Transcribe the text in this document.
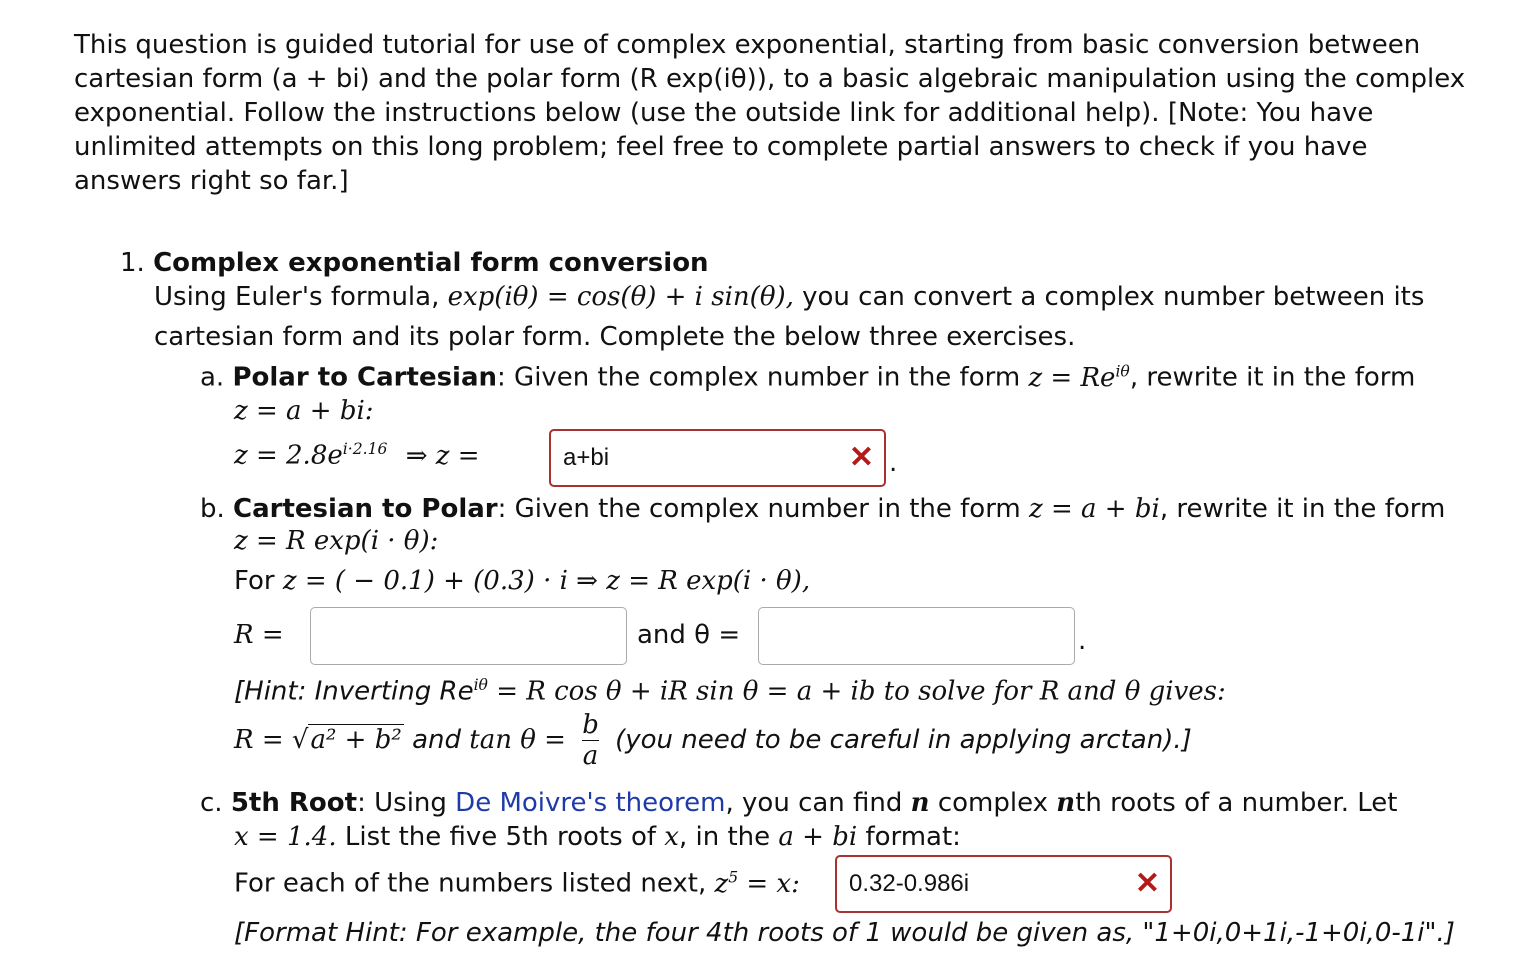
This question is guided tutorial for use of complex exponential, starting from basic conversion between cartesian form (a + bi) and the polar form (R exp(iθ)), to a basic algebraic manipulation using the complex exponential. Follow the instructions below (use the outside link for additional help). [Note: You have unlimited attempts on this long problem; feel free to complete partial answers to check if you have answers right so far.]
1. Complex exponential form conversion
Using Euler's formula, exp(iθ) = cos(θ) + i sin(θ), you can convert a complex number between its
cartesian form and its polar form. Complete the below three exercises.
a. Polar to Cartesian: Given the complex number in the form $z = Re^{i\theta}$, rewrite it in the form
z = a + bi:
$z = 2.8e^{i\cdot 2.16}$ ⇒ z =	a+bi	✕ .
b. Cartesian to Polar: Given the complex number in the form z = a + bi, rewrite it in the form
z = R exp(i · θ):
For z = ( − 0.1) + (0.3) · i ⇒ z = R exp(i · θ),
R =	and θ =	.
[Hint: Inverting $Re^{i\theta} = R$ cos θ + iR sin θ = a + ib to solve for R and θ gives:
R = √a² + b² and $\tan \theta = \frac{b}{a} (you$ need to be careful in applying arctan).]
c. 5th Root: Using De Moivre's theorem, you can find n complex nth roots of a number. Let
x = 1.4. List the five 5th roots of x, in the a + bi format:
For each of the numbers listed next, $z^5 = x$: 0.32-0.986i	✕
[Format Hint: For example, the four 4th roots of 1 would be given as, "1+0i,0+1i,-1+0i,0-1i".]
